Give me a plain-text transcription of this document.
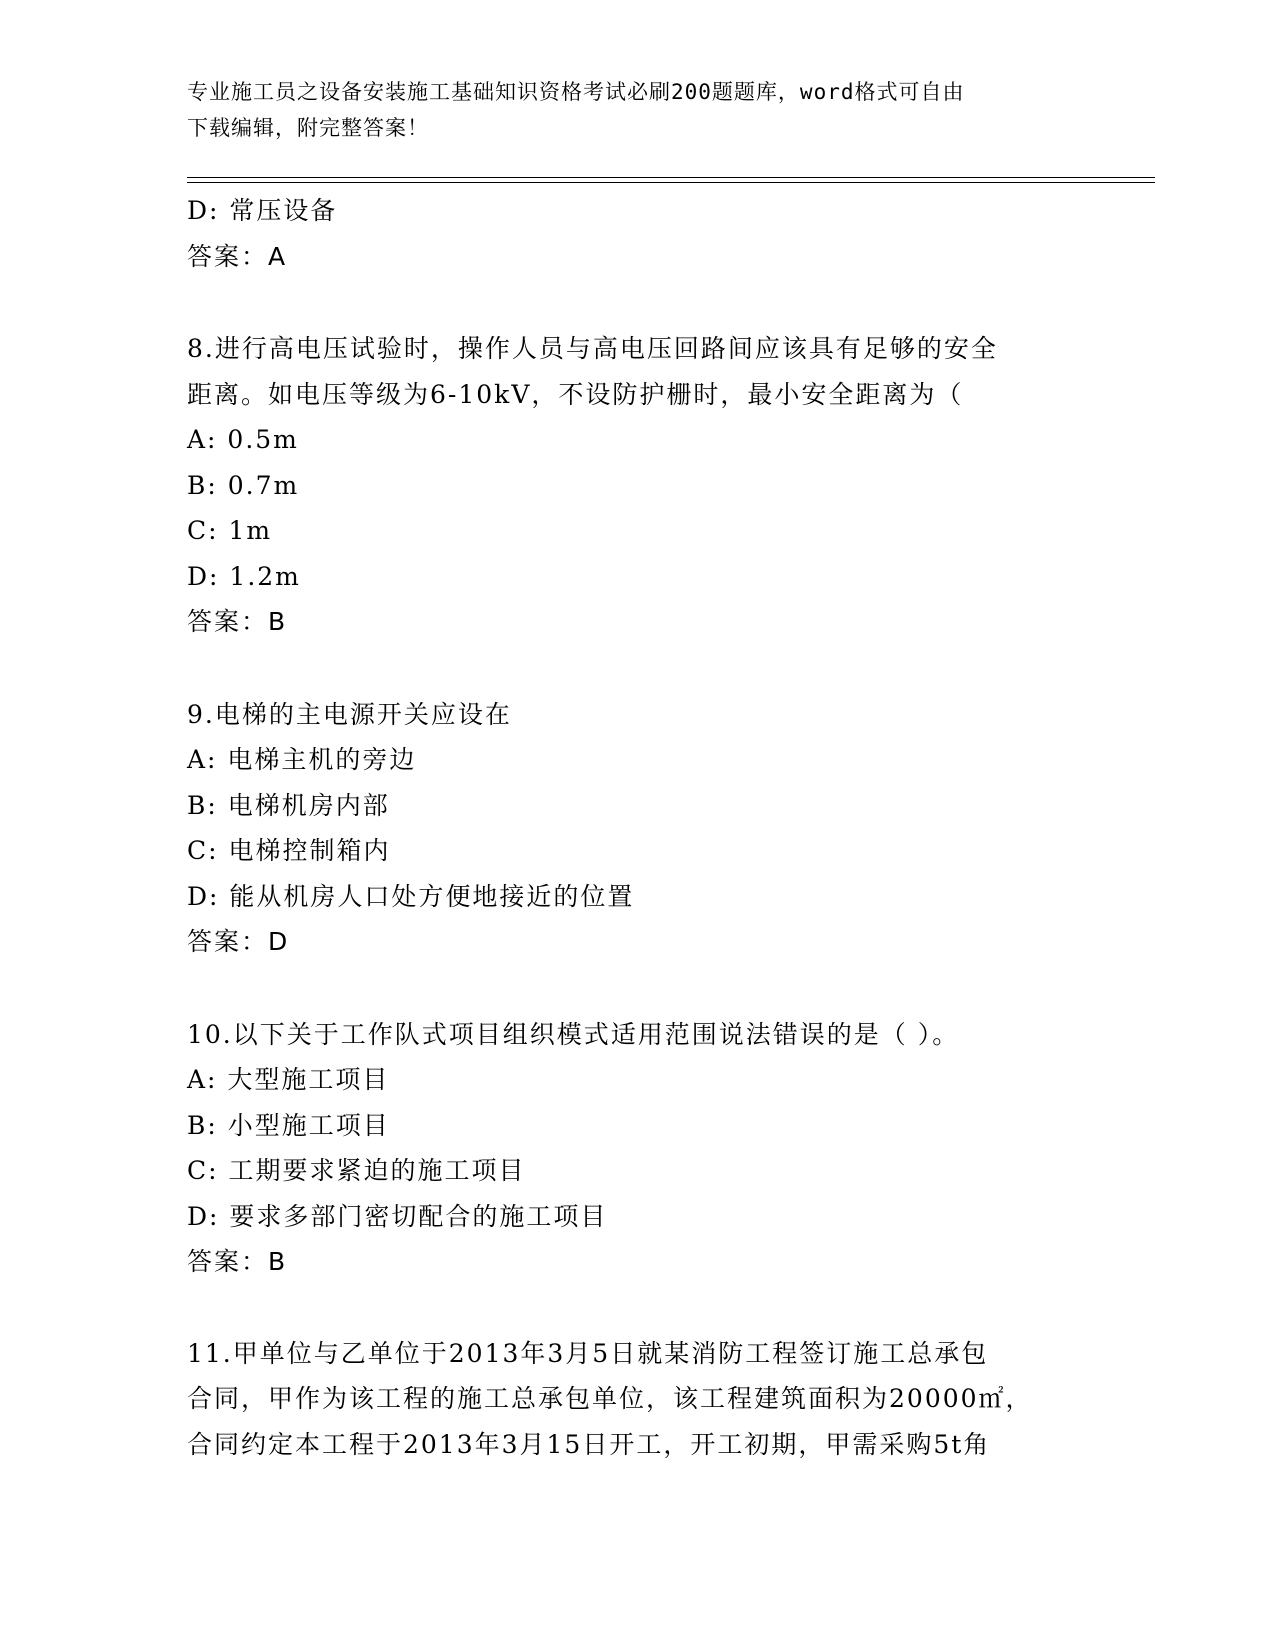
专业施工员之设备安装施工基础知识资格考试必刷200题题库，word格式可自由
下载编辑，附完整答案！
D: 常压设备
答案：A
8.进行高电压试验时，操作人员与高电压回路间应该具有足够的安全
距离。如电压等级为6-10kV，不设防护栅时，最小安全距离为（
A: 0.5m
B: 0.7m
C: 1m
D: 1.2m
答案：B
9.电梯的主电源开关应设在
A: 电梯主机的旁边
B: 电梯机房内部
C: 电梯控制箱内
D: 能从机房人口处方便地接近的位置
答案：D
10.以下关于工作队式项目组织模式适用范围说法错误的是（ ）。
A: 大型施工项目
B: 小型施工项目
C: 工期要求紧迫的施工项目
D: 要求多部门密切配合的施工项目
答案：B
11.甲单位与乙单位于2013年3月5日就某消防工程签订施工总承包
合同，甲作为该工程的施工总承包单位，该工程建筑面积为20000㎡，
合同约定本工程于2013年3月15日开工，开工初期，甲需采购5t角
